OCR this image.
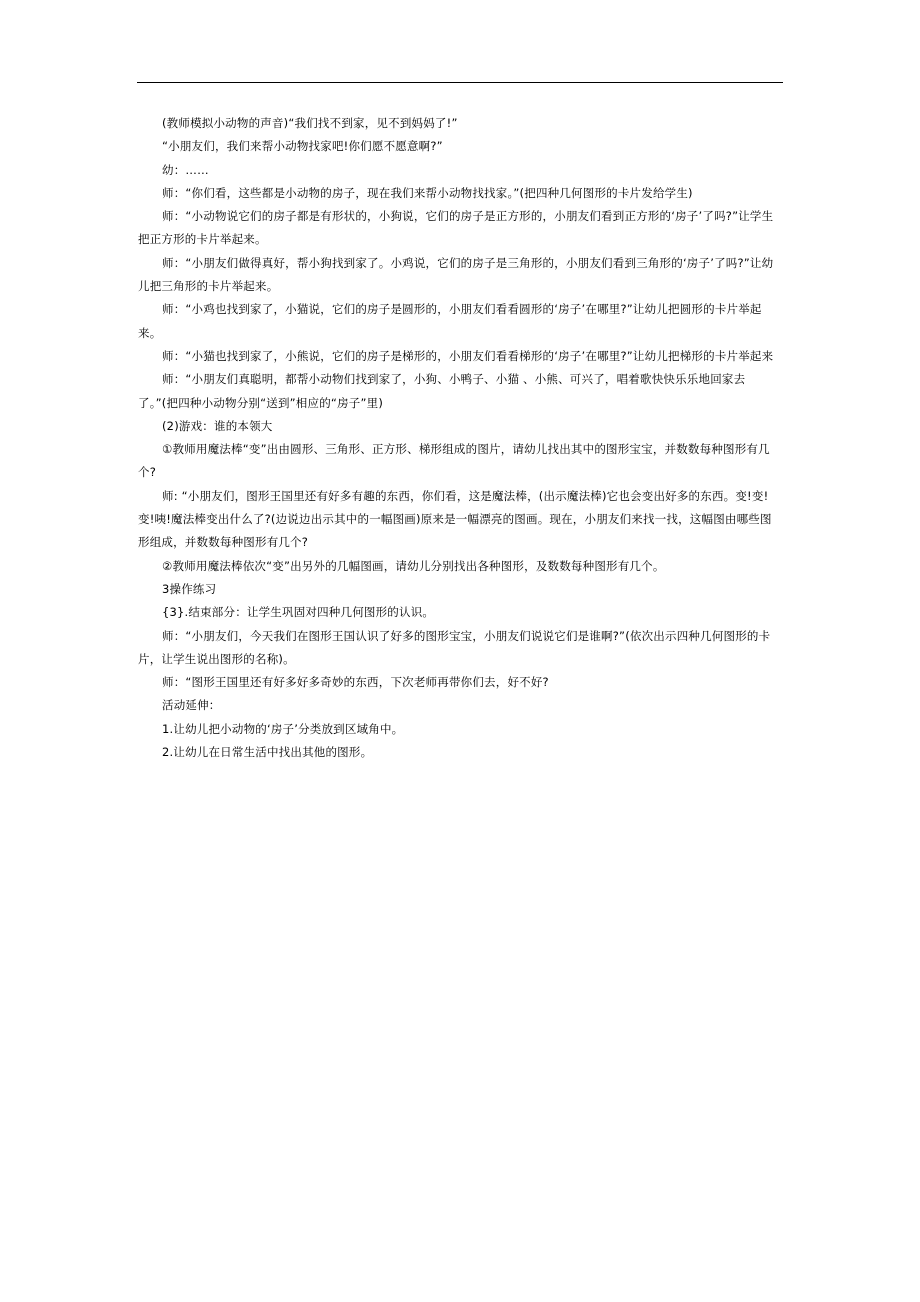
(教师模拟小动物的声音)“我们找不到家，见不到妈妈了!”

“小朋友们，我们来帮小动物找家吧!你们愿不愿意啊?”

幼：……

师：“你们看，这些都是小动物的房子，现在我们来帮小动物找找家。”(把四种几何图形的卡片发给学生)

师：“小动物说它们的房子都是有形状的，小狗说，它们的房子是正方形的，小朋友们看到正方形的‘房子’了吗?”让学生把正方形的卡片举起来。

师：“小朋友们做得真好，帮小狗找到家了。小鸡说，它们的房子是三角形的，小朋友们看到三角形的‘房子’了吗?”让幼儿把三角形的卡片举起来。

师：“小鸡也找到家了，小猫说，它们的房子是圆形的，小朋友们看看圆形的‘房子’在哪里?”让幼儿把圆形的卡片举起来。

师：“小猫也找到家了，小熊说，它们的房子是梯形的，小朋友们看看梯形的‘房子’在哪里?”让幼儿把梯形的卡片举起来

师：“小朋友们真聪明，都帮小动物们找到家了，小狗、小鸭子、小猫 、小熊、可兴了，唱着歌快快乐乐地回家去了。”(把四种小动物分别“送到”相应的“房子”里)

(2)游戏：谁的本领大

①教师用魔法棒“变”出由圆形、三角形、正方形、梯形组成的图片，请幼儿找出其中的图形宝宝，并数数每种图形有几个?

师: “小朋友们，图形王国里还有好多有趣的东西，你们看，这是魔法棒，(出示魔法棒)它也会变出好多的东西。变!变!变!咦!魔法棒变出什么了?(边说边出示其中的一幅图画)原来是一幅漂亮的图画。现在，小朋友们来找一找，这幅图由哪些图形组成，并数数每种图形有几个?

②教师用魔法棒依次“变”出另外的几幅图画，请幼儿分别找出各种图形，及数数每种图形有几个。

3操作练习

{3}.结束部分：让学生巩固对四种几何图形的认识。

师：“小朋友们，今天我们在图形王国认识了好多的图形宝宝，小朋友们说说它们是谁啊?”(依次出示四种几何图形的卡片，让学生说出图形的名称)。

师：“图形王国里还有好多好多奇妙的东西，下次老师再带你们去，好不好?

活动延伸：

1.让幼儿把小动物的‘房子’分类放到区域角中。

2.让幼儿在日常生活中找出其他的图形。
